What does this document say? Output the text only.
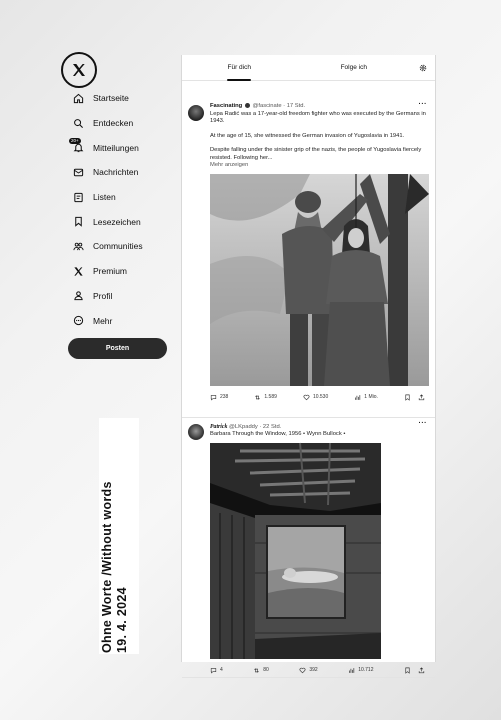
Startseite
Entdecken
20+
Mitteilungen
Nachrichten
Listen
Lesezeichen
Communities
Premium
Profil
Mehr
Posten
Ohne Worte /Without words 19. 4. 2024
Für dich	Folge ich
···
Fascinating @fascinate · 17 Std.

Lepa Radić was a 17-year-old freedom fighter who was executed by the Germans in 1943.

At the age of 15, she witnessed the German invasion of Yugoslavia in 1941.

Despite falling under the sinister grip of the nazis, the people of Yugoslavia fiercely resisted. Following her...

Mehr anzeigen
238	1.589	10.530	1 Mio.
···
Patrick @LKpaddy · 22 Std.
Barbara Through the Window, 1956 • Wynn Bullock •
4	80	392	10.712
